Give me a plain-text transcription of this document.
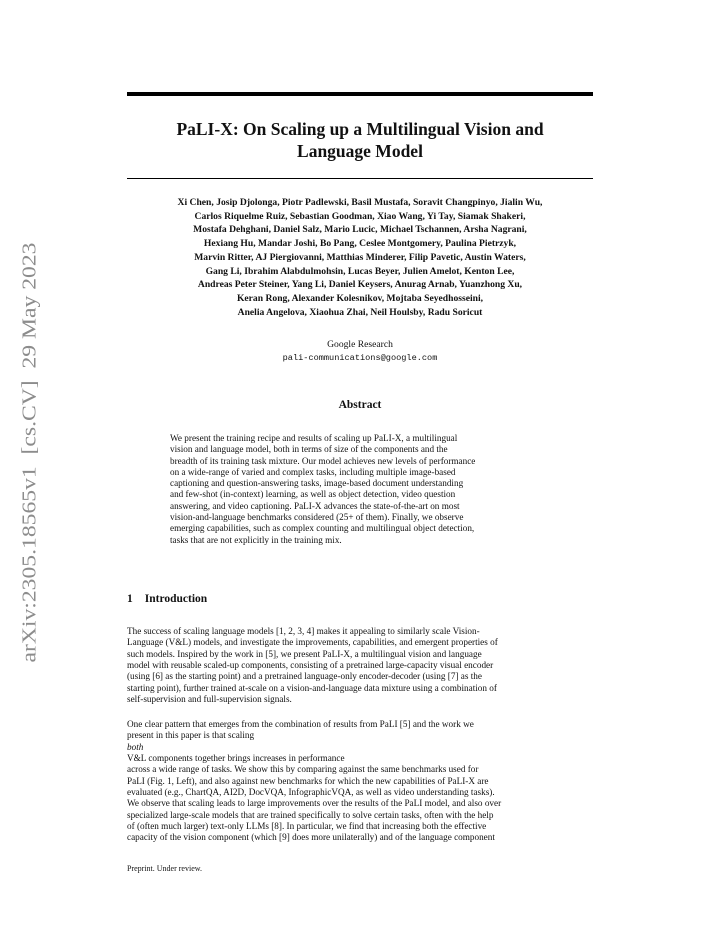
arXiv:2305.18565v1  [cs.CV]  29 May 2023
PaLI-X: On Scaling up a Multilingual Vision and
Language Model
Xi Chen, Josip Djolonga, Piotr Padlewski, Basil Mustafa, Soravit Changpinyo, Jialin Wu,
Carlos Riquelme Ruiz, Sebastian Goodman, Xiao Wang, Yi Tay, Siamak Shakeri,
Mostafa Dehghani, Daniel Salz, Mario Lucic, Michael Tschannen, Arsha Nagrani,
Hexiang Hu, Mandar Joshi, Bo Pang, Ceslee Montgomery, Paulina Pietrzyk,
Marvin Ritter, AJ Piergiovanni, Matthias Minderer, Filip Pavetic, Austin Waters,
Gang Li, Ibrahim Alabdulmohsin, Lucas Beyer, Julien Amelot, Kenton Lee,
Andreas Peter Steiner, Yang Li, Daniel Keysers, Anurag Arnab, Yuanzhong Xu,
Keran Rong, Alexander Kolesnikov, Mojtaba Seyedhosseini,
Anelia Angelova, Xiaohua Zhai, Neil Houlsby, Radu Soricut
Google Research
pali-communications@google.com
Abstract
We present the training recipe and results of scaling up PaLI-X, a multilingual
vision and language model, both in terms of size of the components and the
breadth of its training task mixture. Our model achieves new levels of performance
on a wide-range of varied and complex tasks, including multiple image-based
captioning and question-answering tasks, image-based document understanding
and few-shot (in-context) learning, as well as object detection, video question
answering, and video captioning. PaLI-X advances the state-of-the-art on most
vision-and-language benchmarks considered (25+ of them). Finally, we observe
emerging capabilities, such as complex counting and multilingual object detection,
tasks that are not explicitly in the training mix.
1 Introduction
The success of scaling language models [1, 2, 3, 4] makes it appealing to similarly scale Vision-
Language (V&L) models, and investigate the improvements, capabilities, and emergent properties of
such models. Inspired by the work in [5], we present PaLI-X, a multilingual vision and language
model with reusable scaled-up components, consisting of a pretrained large-capacity visual encoder
(using [6] as the starting point) and a pretrained language-only encoder-decoder (using [7] as the
starting point), further trained at-scale on a vision-and-language data mixture using a combination of
self-supervision and full-supervision signals.
One clear pattern that emerges from the combination of results from PaLI [5] and the work we
present in this paper is that scaling
both
V&L components together brings increases in performance
across a wide range of tasks. We show this by comparing against the same benchmarks used for
PaLI (Fig. 1, Left), and also against new benchmarks for which the new capabilities of PaLI-X are
evaluated (e.g., ChartQA, AI2D, DocVQA, InfographicVQA, as well as video understanding tasks).
We observe that scaling leads to large improvements over the results of the PaLI model, and also over
specialized large-scale models that are trained specifically to solve certain tasks, often with the help
of (often much larger) text-only LLMs [8]. In particular, we find that increasing both the effective
capacity of the vision component (which [9] does more unilaterally) and of the language component
Preprint. Under review.
